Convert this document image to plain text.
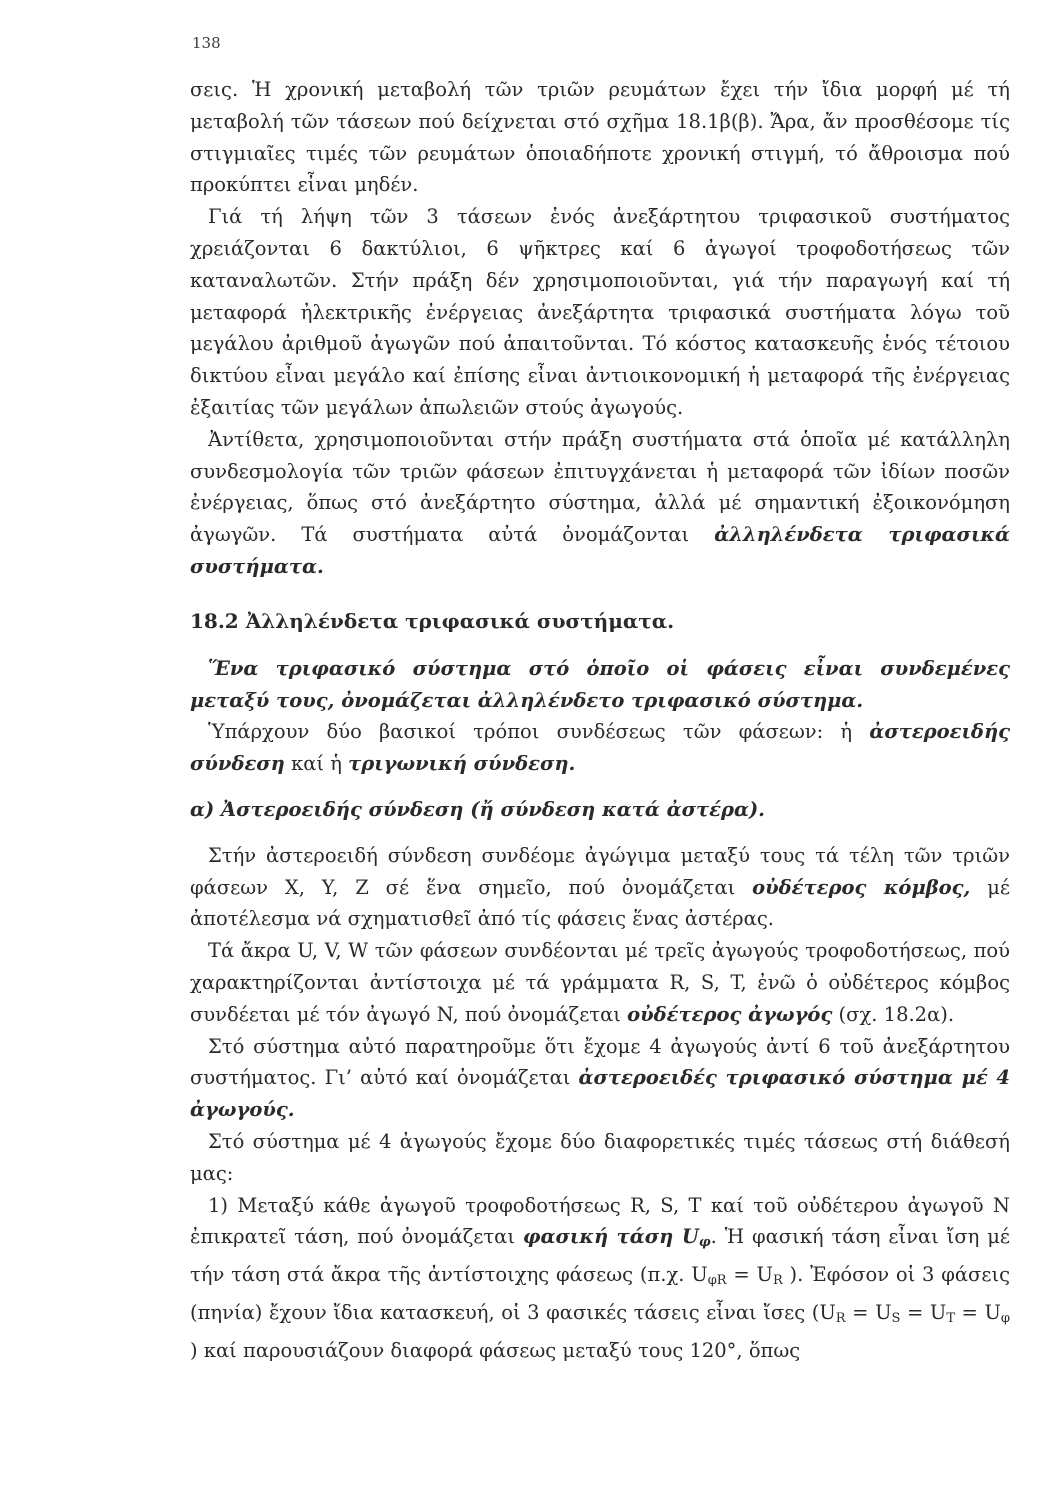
138

σεις. Ἡ χρονική μεταβολή τῶν τριῶν ρευμάτων ἔχει τήν ἴδια μορφή μέ τή μεταβολή τῶν τάσεων πού δείχνεται στό σχῆμα 18.1β(β). Ἄρα, ἄν προσθέσομε τίς στιγμιαῖες τιμές τῶν ρευμάτων ὁποιαδήποτε χρονική στιγμή, τό ἄθροισμα πού προκύπτει εἶναι μηδέν.

Γιά τή λήψη τῶν 3 τάσεων ἑνός ἀνεξάρτητου τριφασικοῦ συστήματος χρειάζονται 6 δακτύλιοι, 6 ψῆκτρες καί 6 ἀγωγοί τροφοδοτήσεως τῶν καταναλωτῶν. Στήν πράξη δέν χρησιμοποιοῦνται, γιά τήν παραγωγή καί τή μεταφορά ἠλεκτρικῆς ἐνέργειας ἀνεξάρτητα τριφασικά συστήματα λόγω τοῦ μεγάλου ἀριθμοῦ ἀγωγῶν πού ἀπαιτοῦνται. Τό κόστος κατασκευῆς ἑνός τέτοιου δικτύου εἶναι μεγάλο καί ἐπίσης εἶναι ἀντιοικονομική ἡ μεταφορά τῆς ἐνέργειας ἐξαιτίας τῶν μεγάλων ἀπωλειῶν στούς ἀγωγούς.

Ἀντίθετα, χρησιμοποιοῦνται στήν πράξη συστήματα στά ὁποῖα μέ κατάλληλη συνδεσμολογία τῶν τριῶν φάσεων ἐπιτυγχάνεται ἡ μεταφορά τῶν ἰδίων ποσῶν ἐνέργειας, ὅπως στό ἀνεξάρτητο σύστημα, ἀλλά μέ σημαντική ἐξοικονόμηση ἀγωγῶν. Τά συστήματα αὐτά ὀνομάζονται ἀλληλένδετα τριφασικά συστήματα.

18.2 Ἀλληλένδετα τριφασικά συστήματα.

Ἕνα τριφασικό σύστημα στό ὁποῖο οἱ φάσεις εἶναι συνδεμένες μεταξύ τους, ὀνομάζεται ἀλληλένδετο τριφασικό σύστημα.

Ὑπάρχουν δύο βασικοί τρόποι συνδέσεως τῶν φάσεων: ἡ ἀστεροειδής σύνδεση καί ἡ τριγωνική σύνδεση.

α) Ἀστεροειδής σύνδεση (ἤ σύνδεση κατά ἀστέρα).

Στήν ἀστεροειδή σύνδεση συνδέομε ἀγώγιμα μεταξύ τους τά τέλη τῶν τριῶν φάσεων X, Y, Z σέ ἕνα σημεῖο, πού ὀνομάζεται οὐδέτερος κόμβος, μέ ἀποτέλεσμα νά σχηματισθεῖ ἀπό τίς φάσεις ἕνας ἀστέρας.

Τά ἄκρα U, V, W τῶν φάσεων συνδέονται μέ τρεῖς ἀγωγούς τροφοδοτήσεως, πού χαρακτηρίζονται ἀντίστοιχα μέ τά γράμματα R, S, T, ἐνῶ ὁ οὐδέτερος κόμβος συνδέεται μέ τόν ἀγωγό N, πού ὀνομάζεται οὐδέτερος ἀγωγός (σχ. 18.2α).

Στό σύστημα αὐτό παρατηροῦμε ὅτι ἔχομε 4 ἀγωγούς ἀντί 6 τοῦ ἀνεξάρτητου συστήματος. Γι’ αὐτό καί ὀνομάζεται ἀστεροειδές τριφασικό σύστημα μέ 4 ἀγωγούς.

Στό σύστημα μέ 4 ἀγωγούς ἔχομε δύο διαφορετικές τιμές τάσεως στή διάθεσή μας:

1) Μεταξύ κάθε ἀγωγοῦ τροφοδοτήσεως R, S, T καί τοῦ οὐδέτερου ἀγωγοῦ N ἐπικρατεῖ τάση, πού ὀνομάζεται φασική τάση $U_\varphi$. Ἡ φασική τάση εἶναι ἴση μέ τήν τάση στά ἄκρα τῆς ἀντίστοιχης φάσεως (π.χ. $U_{\varphi R} = U_R$ ). Ἐφόσον οἱ 3 φάσεις (πηνία) ἔχουν ἴδια κατασκευή, οἱ 3 φασικές τάσεις εἶναι ἴσες ($U_R = U_S = U_T = U_\varphi$ ) καί παρουσιάζουν διαφορά φάσεως μεταξύ τους 120°, ὅπως
